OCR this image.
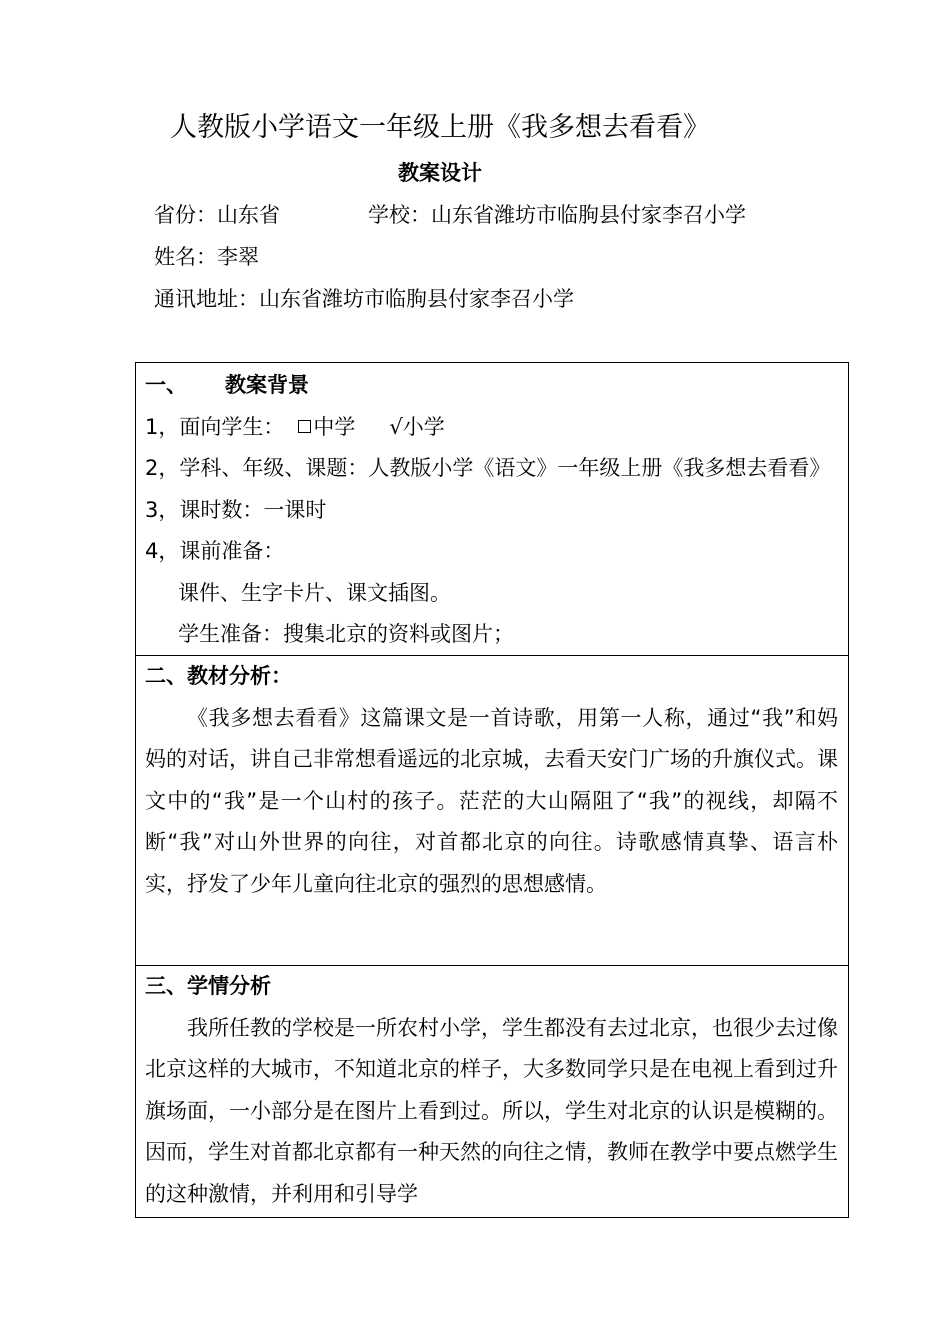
人教版小学语文一年级上册《我多想去看看》
教案设计
省份：山东省	学校：山东省潍坊市临朐县付家李召小学
姓名：李翠
通讯地址：山东省潍坊市临朐县付家李召小学
一、 教案背景
1，面向学生： 中学 √小学
2，学科、年级、课题：人教版小学《语文》一年级上册《我多想去看看》
3，课时数：一课时
4，课前准备：
课件、生字卡片、课文插图。
学生准备：搜集北京的资料或图片；
二、教材分析：

《我多想去看看》这篇课文是一首诗歌，用第一人称，通过“我”和妈妈的对话，讲自己非常想看遥远的北京城，去看天安门广场的升旗仪式。课文中的“我”是一个山村的孩子。茫茫的大山隔阻了“我”的视线，却隔不断“我”对山外世界的向往，对首都北京的向往。诗歌感情真挚、语言朴实，抒发了少年儿童向往北京的强烈的思想感情。

三、学情分析

我所任教的学校是一所农村小学，学生都没有去过北京，也很少去过像北京这样的大城市，不知道北京的样子，大多数同学只是在电视上看到过升旗场面，一小部分是在图片上看到过。所以，学生对北京的认识是模糊的。因而，学生对首都北京都有一种天然的向往之情，教师在教学中要点燃学生的这种激情，并利用和引导学
